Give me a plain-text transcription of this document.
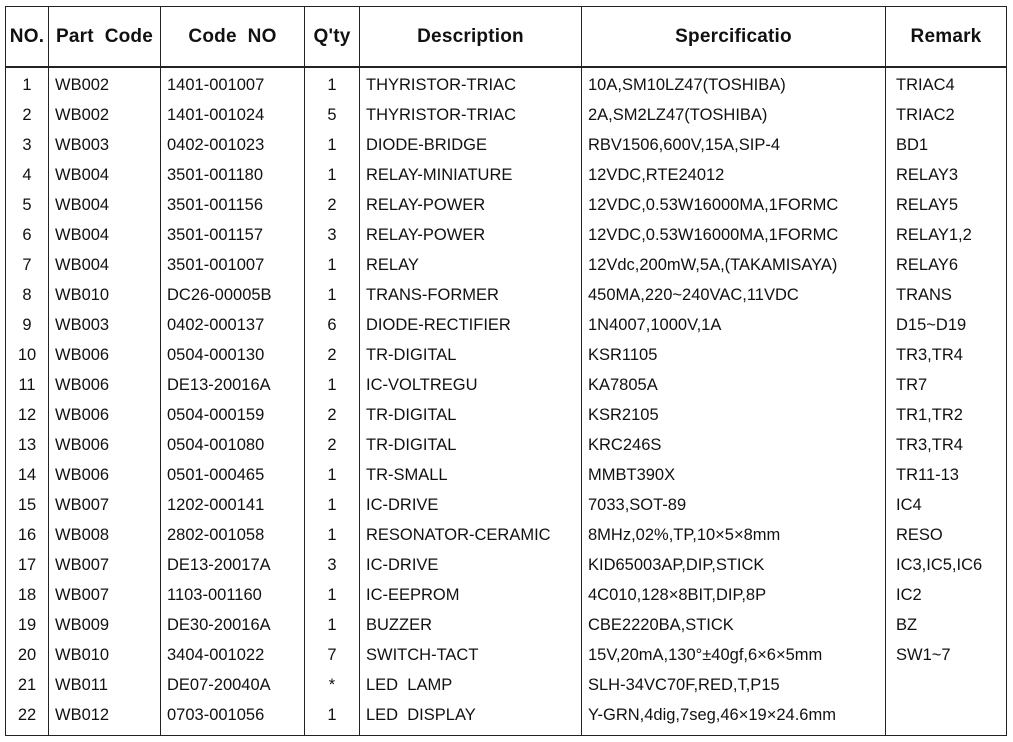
NO. Part  Code	Code  NO	Q'ty	Description	Spercificatio	Remark
1	WB002	1401-001007	1	THYRISTOR-TRIAC	10A,SM10LZ47(TOSHIBA)	TRIAC4
2	WB002	1401-001024	5	THYRISTOR-TRIAC	2A,SM2LZ47(TOSHIBA)	TRIAC2
3	WB003	0402-001023	1	DIODE-BRIDGE	RBV1506,600V,15A,SIP-4	BD1
4	WB004	3501-001180	1	RELAY-MINIATURE	12VDC,RTE24012	RELAY3
5	WB004	3501-001156	2	RELAY-POWER	12VDC,0.53W16000MA,1FORMC	RELAY5
6	WB004	3501-001157	3	RELAY-POWER	12VDC,0.53W16000MA,1FORMC	RELAY1,2
7	WB004	3501-001007	1	RELAY	12Vdc,200mW,5A,(TAKAMISAYA)	RELAY6
8	WB010	DC26-00005B	1	TRANS-FORMER	450MA,220~240VAC,11VDC	TRANS
9	WB003	0402-000137	6	DIODE-RECTIFIER	1N4007,1000V,1A	D15~D19
10	WB006	0504-000130	2	TR-DIGITAL	KSR1105	TR3,TR4
11	WB006	DE13-20016A	1	IC-VOLTREGU	KA7805A	TR7
12	WB006	0504-000159	2	TR-DIGITAL	KSR2105	TR1,TR2
13	WB006	0504-001080	2	TR-DIGITAL	KRC246S	TR3,TR4
14	WB006	0501-000465	1	TR-SMALL	MMBT390X	TR11-13
15	WB007	1202-000141	1	IC-DRIVE	7033,SOT-89	IC4
16	WB008	2802-001058	1	RESONATOR-CERAMIC	8MHz,02%,TP,10×5×8mm	RESO
17	WB007	DE13-20017A	3	IC-DRIVE	KID65003AP,DIP,STICK	IC3,IC5,IC6
18	WB007	1103-001160	1	IC-EEPROM	4C010,128×8BIT,DIP,8P	IC2
19	WB009	DE30-20016A	1	BUZZER	CBE2220BA,STICK	BZ
20	WB010	3404-001022	7	SWITCH-TACT	15V,20mA,130°±40gf,6×6×5mm	SW1~7
21	WB011	DE07-20040A	*	LED  LAMP	SLH-34VC70F,RED,T,P15
22	WB012	0703-001056	1	LED  DISPLAY	Y-GRN,4dig,7seg,46×19×24.6mm
